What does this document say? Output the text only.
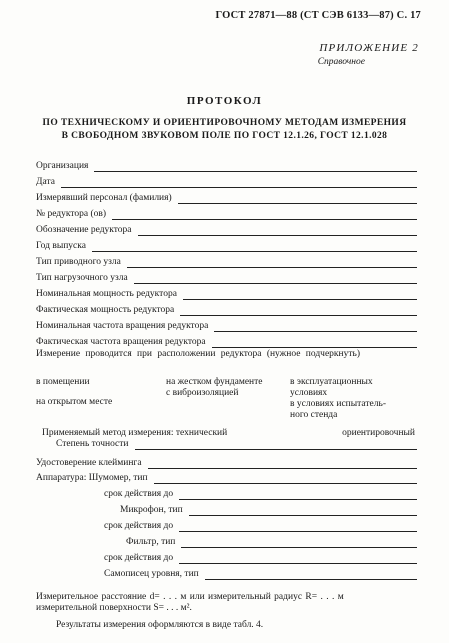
ГОСТ 27871—88 (СТ СЭВ 6133—87) С. 17
ПРИЛОЖЕНИЕ 2
Справочное
ПРОТОКОЛ
ПО ТЕХНИЧЕСКОМУ И ОРИЕНТИРОВОЧНОМУ МЕТОДАМ ИЗМЕРЕНИЯ
В СВОБОДНОМ ЗВУКОВОМ ПОЛЕ ПО ГОСТ 12.1.26, ГОСТ 12.1.028
Организация
Дата
Измерявший персонал (фамилия)
№ редуктора (ов)
Обозначение редуктора
Год выпуска
Тип приводного узла
Тип нагрузочного узла
Номинальная мощность редуктора
Фактическая мощность редуктора
Номинальная частота вращения редуктора
Фактическая частота вращения редуктора
Измерение проводится при расположении редуктора (нужное подчеркнуть)
в помещении
на открытом месте
на жестком фундаменте
с виброизоляцией
в эксплуатационных
условиях
в условиях испытатель-
ного стенда
Применяемый метод измерения: технический	ориентировочный
Степень точности
Удостоверение клейминга
Аппаратура: Шумомер, тип
срок действия до
Микрофон, тип
срок действия до
Фильтр, тип
срок действия до
Самописец уровня, тип
Измерительное расстояние d= . . . м или измерительный радиус R= . . . м
измерительной поверхности S= . . . м².
Результаты измерения оформляются в виде табл. 4.
